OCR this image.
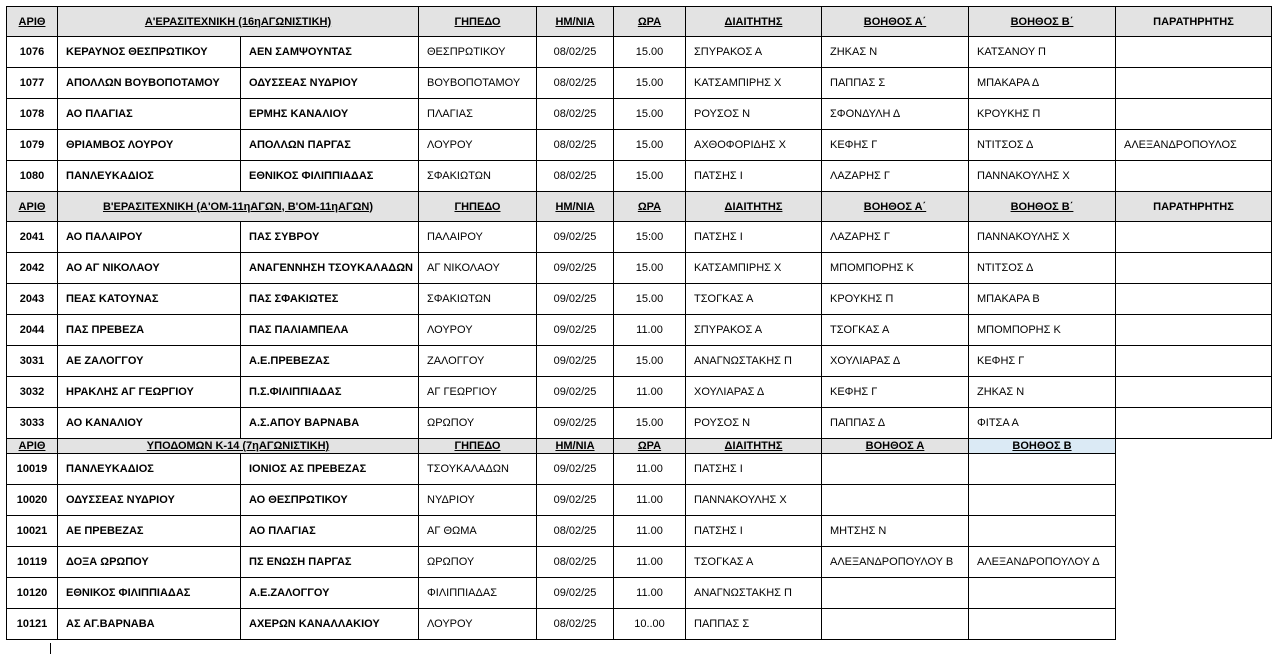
ΑΡΙΘ	Α'ΕΡΑΣΙΤΕΧΝΙΚΗ (16ηΑΓΩΝΙΣΤΙΚΗ)		ΓΗΠΕΔΟ	ΗΜ/ΝΙΑ	ΩΡΑ	ΔΙΑΙΤΗΤΗΣ	ΒΟΗΘΟΣ Α΄	ΒΟΗΘΟΣ Β΄	ΠΑΡΑΤΗΡΗΤΗΣ
1076	ΚΕΡΑΥΝΟΣ ΘΕΣΠΡΩΤΙΚΟΥ	ΑΕΝ ΣΑΜΨΟΥΝΤΑΣ	ΘΕΣΠΡΩΤΙΚΟΥ	08/02/25	15.00	ΣΠΥΡΑΚΟΣ Α	ΖΗΚΑΣ Ν	ΚΑΤΣΑΝΟΥ Π	
1077	ΑΠΟΛΛΩΝ ΒΟΥΒΟΠΟΤΑΜΟΥ	ΟΔΥΣΣΕΑΣ ΝΥΔΡΙΟΥ	ΒΟΥΒΟΠΟΤΑΜΟΥ	08/02/25	15.00	ΚΑΤΣΑΜΠΙΡΗΣ Χ	ΠΑΠΠΑΣ Σ	ΜΠΑΚΑΡΑ Δ	
1078	ΑΟ ΠΛΑΓΙΑΣ	ΕΡΜΗΣ ΚΑΝΑΛΙΟΥ	ΠΛΑΓΙΑΣ	08/02/25	15.00	ΡΟΥΣΟΣ Ν	ΣΦΟΝΔΥΛΗ Δ	ΚΡΟΥΚΗΣ Π	
1079	ΘΡΙΑΜΒΟΣ ΛΟΥΡΟΥ	ΑΠΟΛΛΩΝ ΠΑΡΓΑΣ	ΛΟΥΡΟΥ	08/02/25	15.00	ΑΧΘΟΦΟΡΙΔΗΣ Χ	ΚΕΦΗΣ Γ	ΝΤΙΤΣΟΣ Δ	ΑΛΕΞΑΝΔΡΟΠΟΥΛΟΣ
1080	ΠΑΝΛΕΥΚΑΔΙΟΣ	ΕΘΝΙΚΟΣ ΦΙΛΙΠΠΙΑΔΑΣ	ΣΦΑΚΙΩΤΩΝ	08/02/25	15.00	ΠΑΤΣΗΣ Ι	ΛΑΖΑΡΗΣ Γ	ΠΑΝΝΑΚΟΥΛΗΣ Χ	
ΑΡΙΘ	Β'ΕΡΑΣΙΤΕΧΝΙΚΗ (Α'ΟΜ-11ηΑΓΩΝ, Β'ΟΜ-11ηΑΓΩΝ)		ΓΗΠΕΔΟ	ΗΜ/ΝΙΑ	ΩΡΑ	ΔΙΑΙΤΗΤΗΣ	ΒΟΗΘΟΣ Α΄	ΒΟΗΘΟΣ Β΄	ΠΑΡΑΤΗΡΗΤΗΣ
2041	ΑΟ ΠΑΛΑΙΡΟΥ	ΠΑΣ ΣΥΒΡΟΥ	ΠΑΛΑΙΡΟΥ	09/02/25	15:00	ΠΑΤΣΗΣ Ι	ΛΑΖΑΡΗΣ Γ	ΠΑΝΝΑΚΟΥΛΗΣ Χ	
2042	ΑΟ ΑΓ ΝΙΚΟΛΑΟΥ	ΑΝΑΓΕΝΝΗΣΗ ΤΣΟΥΚΑΛΑΔΩΝ	ΑΓ ΝΙΚΟΛΑΟΥ	09/02/25	15.00	ΚΑΤΣΑΜΠΙΡΗΣ Χ	ΜΠΟΜΠΟΡΗΣ Κ	ΝΤΙΤΣΟΣ Δ	
2043	ΠΕΑΣ ΚΑΤΟΥΝΑΣ	ΠΑΣ ΣΦΑΚΙΩΤΕΣ	ΣΦΑΚΙΩΤΩΝ	09/02/25	15.00	ΤΣΟΓΚΑΣ Α	ΚΡΟΥΚΗΣ Π	ΜΠΑΚΑΡΑ Β	
2044	ΠΑΣ ΠΡΕΒΕΖΑ	ΠΑΣ ΠΑΛΙΑΜΠΕΛΑ	ΛΟΥΡΟΥ	09/02/25	11.00	ΣΠΥΡΑΚΟΣ Α	ΤΣΟΓΚΑΣ Α	ΜΠΟΜΠΟΡΗΣ Κ	
3031	ΑΕ ΖΑΛΟΓΓΟΥ	Α.Ε.ΠΡΕΒΕΖΑΣ	ΖΑΛΟΓΓΟΥ	09/02/25	15.00	ΑΝΑΓΝΩΣΤΑΚΗΣ Π	ΧΟΥΛΙΑΡΑΣ Δ	ΚΕΦΗΣ Γ	
3032	ΗΡΑΚΛΗΣ ΑΓ ΓΕΩΡΓΙΟΥ	Π.Σ.ΦΙΛΙΠΠΙΑΔΑΣ	ΑΓ ΓΕΩΡΓΙΟΥ	09/02/25	11.00	ΧΟΥΛΙΑΡΑΣ Δ	ΚΕΦΗΣ Γ	ΖΗΚΑΣ Ν	
3033	ΑΟ ΚΑΝΑΛΙΟΥ	Α.Σ.ΑΠΟΥ ΒΑΡΝΑΒΑ	ΩΡΩΠΟΥ	09/02/25	15.00	ΡΟΥΣΟΣ Ν	ΠΑΠΠΑΣ Δ	ΦΙΤΣΑ Α	
ΑΡΙΘ	ΥΠΟΔΟΜΩΝ Κ-14 (7ηΑΓΩΝΙΣΤΙΚΗ)		ΓΗΠΕΔΟ	ΗΜ/ΝΙΑ	ΩΡΑ	ΔΙΑΙΤΗΤΗΣ	ΒΟΗΘΟΣ Α	ΒΟΗΘΟΣ Β	
10019	ΠΑΝΛΕΥΚΑΔΙΟΣ	ΙΟΝΙΟΣ ΑΣ ΠΡΕΒΕΖΑΣ	ΤΣΟΥΚΑΛΑΔΩΝ	09/02/25	11.00	ΠΑΤΣΗΣ Ι			
10020	ΟΔΥΣΣΕΑΣ ΝΥΔΡΙΟΥ	ΑΟ ΘΕΣΠΡΩΤΙΚΟΥ	ΝΥΔΡΙΟΥ	09/02/25	11.00	ΠΑΝΝΑΚΟΥΛΗΣ Χ			
10021	ΑΕ ΠΡΕΒΕΖΑΣ	ΑΟ ΠΛΑΓΙΑΣ	ΑΓ ΘΩΜΑ	08/02/25	11.00	ΠΑΤΣΗΣ Ι	ΜΗΤΣΗΣ Ν		
10119	ΔΟΞΑ ΩΡΩΠΟΥ	ΠΣ ΕΝΩΣΗ ΠΑΡΓΑΣ	ΩΡΩΠΟΥ	08/02/25	11.00	ΤΣΟΓΚΑΣ Α	ΑΛΕΞΑΝΔΡΟΠΟΥΛΟΥ Β	ΑΛΕΞΑΝΔΡΟΠΟΥΛΟΥ Δ	
10120	ΕΘΝΙΚΟΣ ΦΙΛΙΠΠΙΑΔΑΣ	Α.Ε.ΖΑΛΟΓΓΟΥ	ΦΙΛΙΠΠΙΑΔΑΣ	09/02/25	11.00	ΑΝΑΓΝΩΣΤΑΚΗΣ Π			
10121	ΑΣ ΑΓ.ΒΑΡΝΑΒΑ	ΑΧΕΡΩΝ ΚΑΝΑΛΛΑΚΙΟΥ	ΛΟΥΡΟΥ	08/02/25	10..00	ΠΑΠΠΑΣ Σ			
